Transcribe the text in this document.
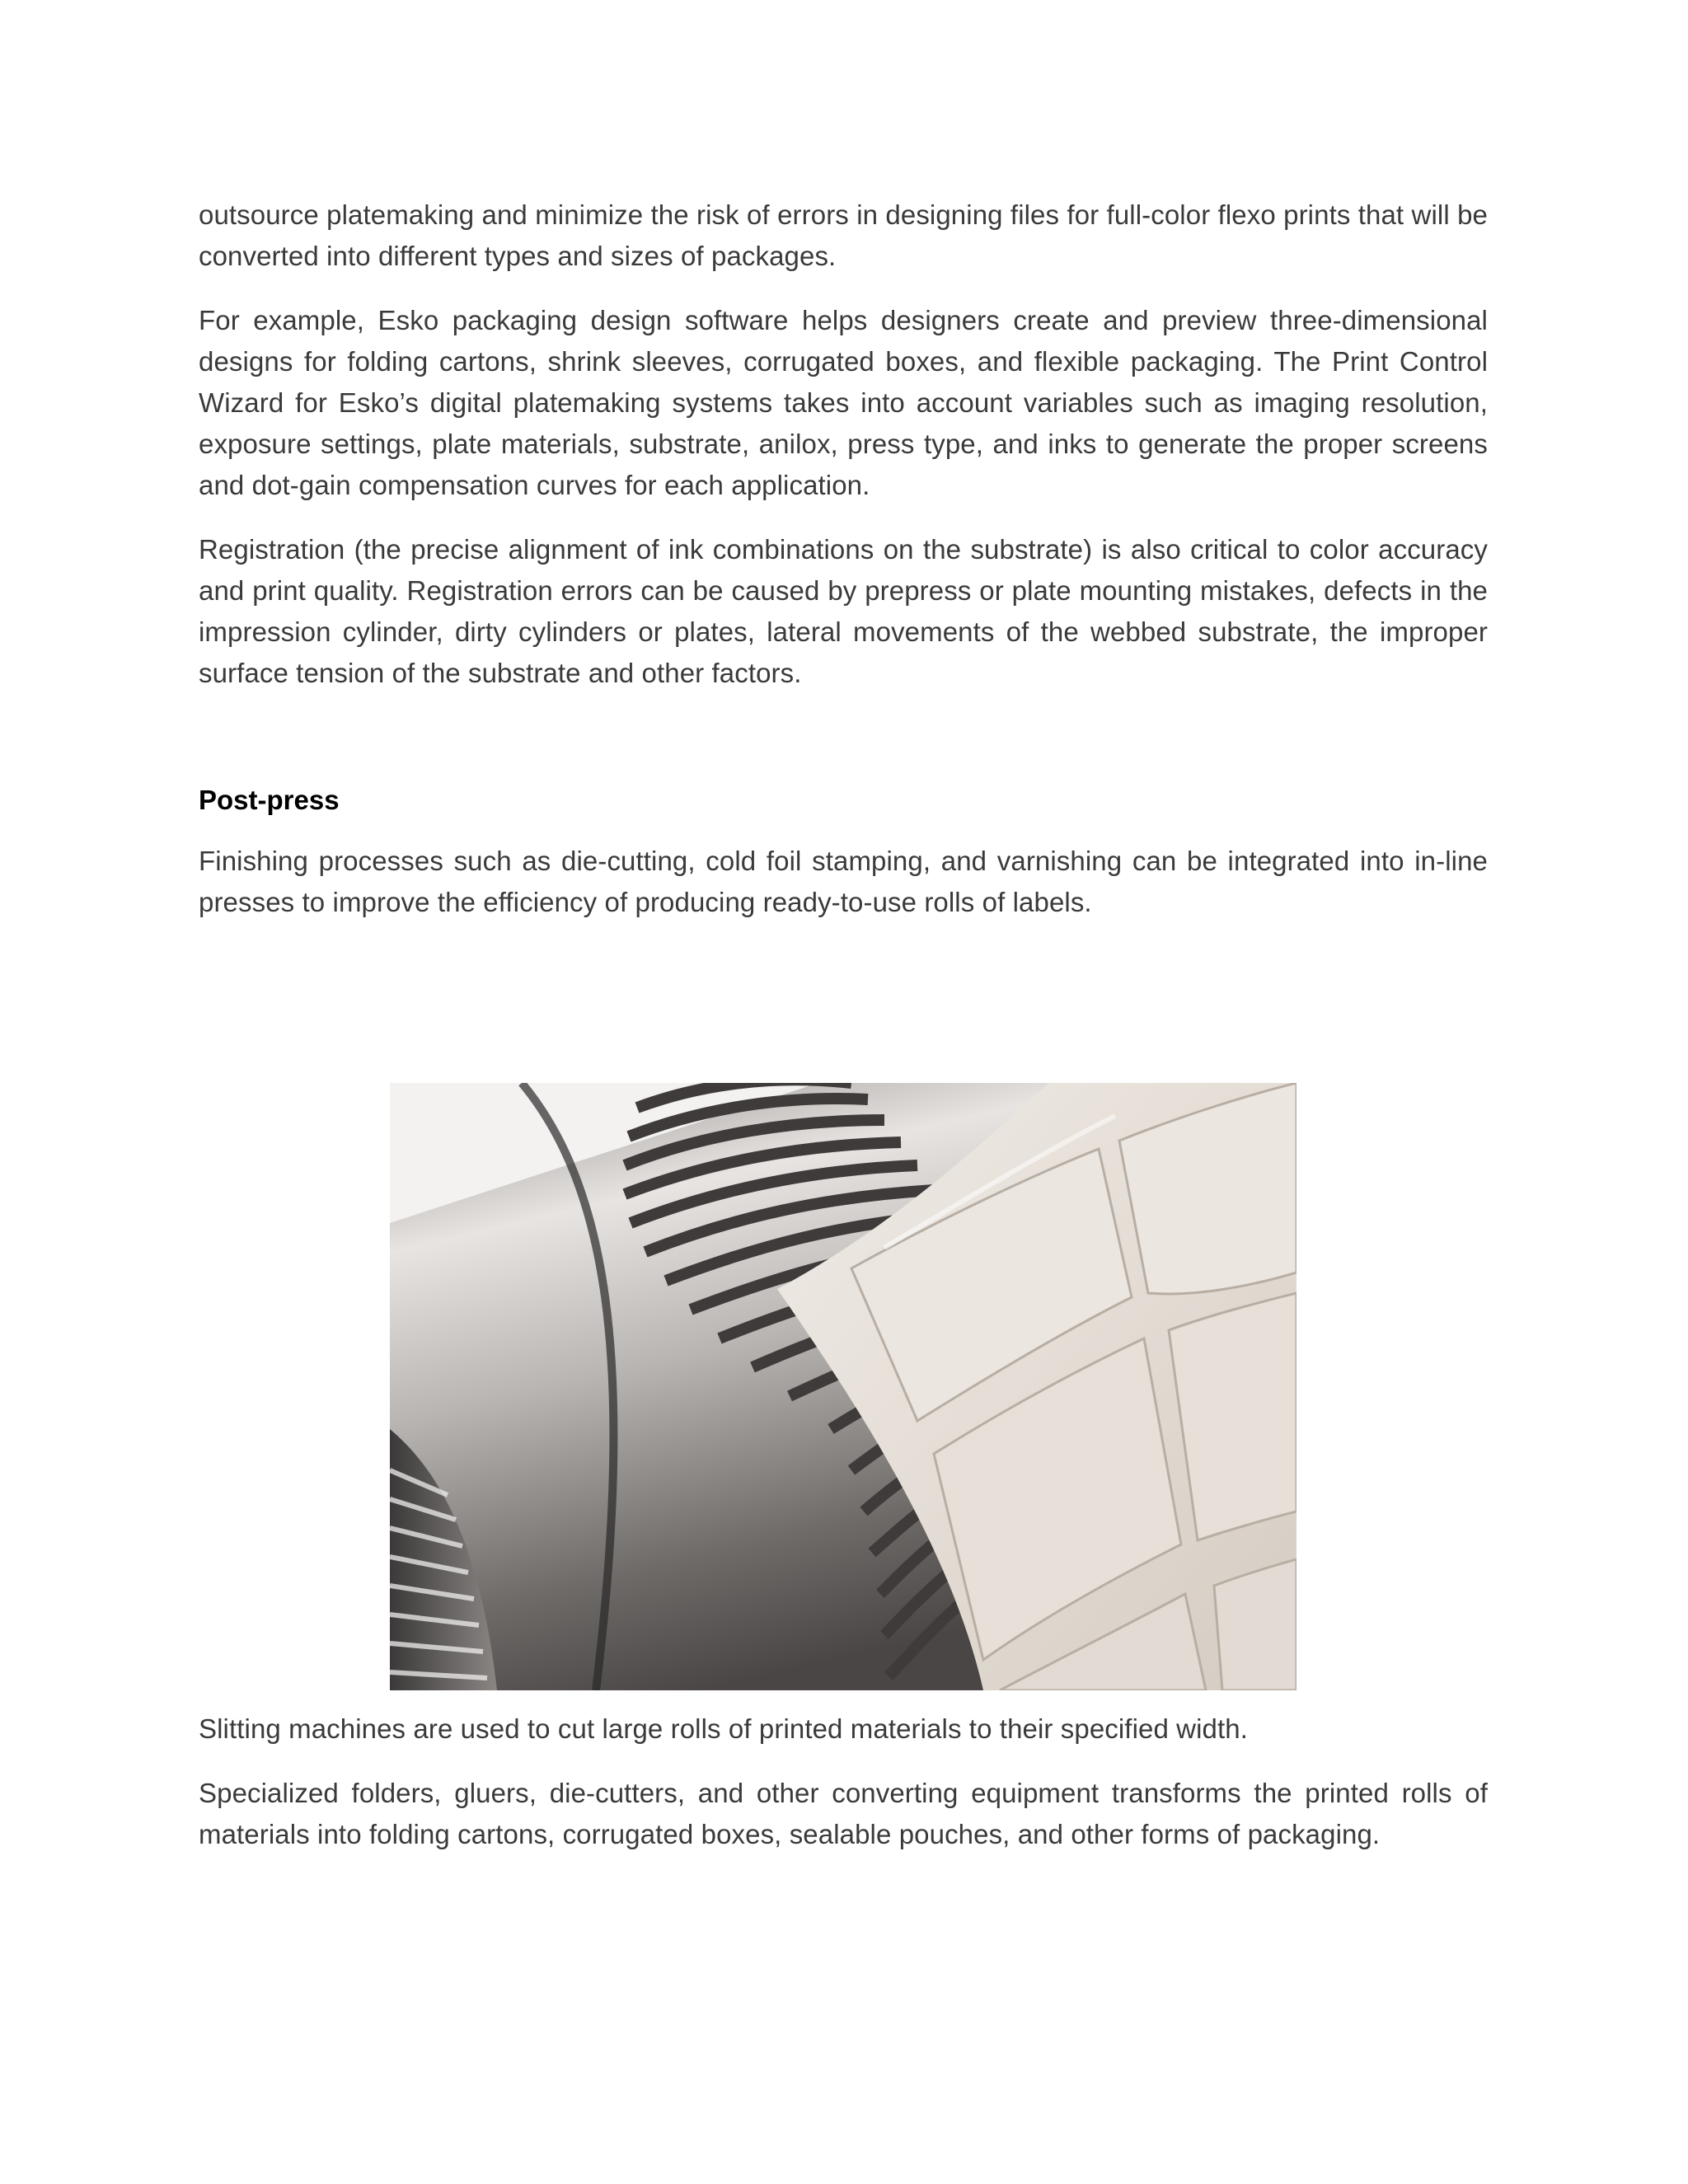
outsource platemaking and minimize the risk of errors in designing files for full-color flexo prints that will be converted into different types and sizes of packages.

For example, Esko packaging design software helps designers create and preview three-dimensional designs for folding cartons, shrink sleeves, corrugated boxes, and flexible packaging. The Print Control Wizard for Esko’s digital platemaking systems takes into account variables such as imaging resolution, exposure settings, plate materials, substrate, anilox, press type, and inks to generate the proper screens and dot-gain compensation curves for each application.

Registration (the precise alignment of ink combinations on the substrate) is also critical to color accuracy and print quality. Registration errors can be caused by prepress or plate mounting mistakes, defects in the impression cylinder, dirty cylinders or plates, lateral movements of the webbed substrate, the improper surface tension of the substrate and other factors.

Post-press

Finishing processes such as die-cutting, cold foil stamping, and varnishing can be integrated into in-line presses to improve the efficiency of producing ready-to-use rolls of labels.

Slitting machines are used to cut large rolls of printed materials to their specified width.

Specialized folders, gluers, die-cutters, and other converting equipment transforms the printed rolls of materials into folding cartons, corrugated boxes, sealable pouches, and other forms of packaging.
